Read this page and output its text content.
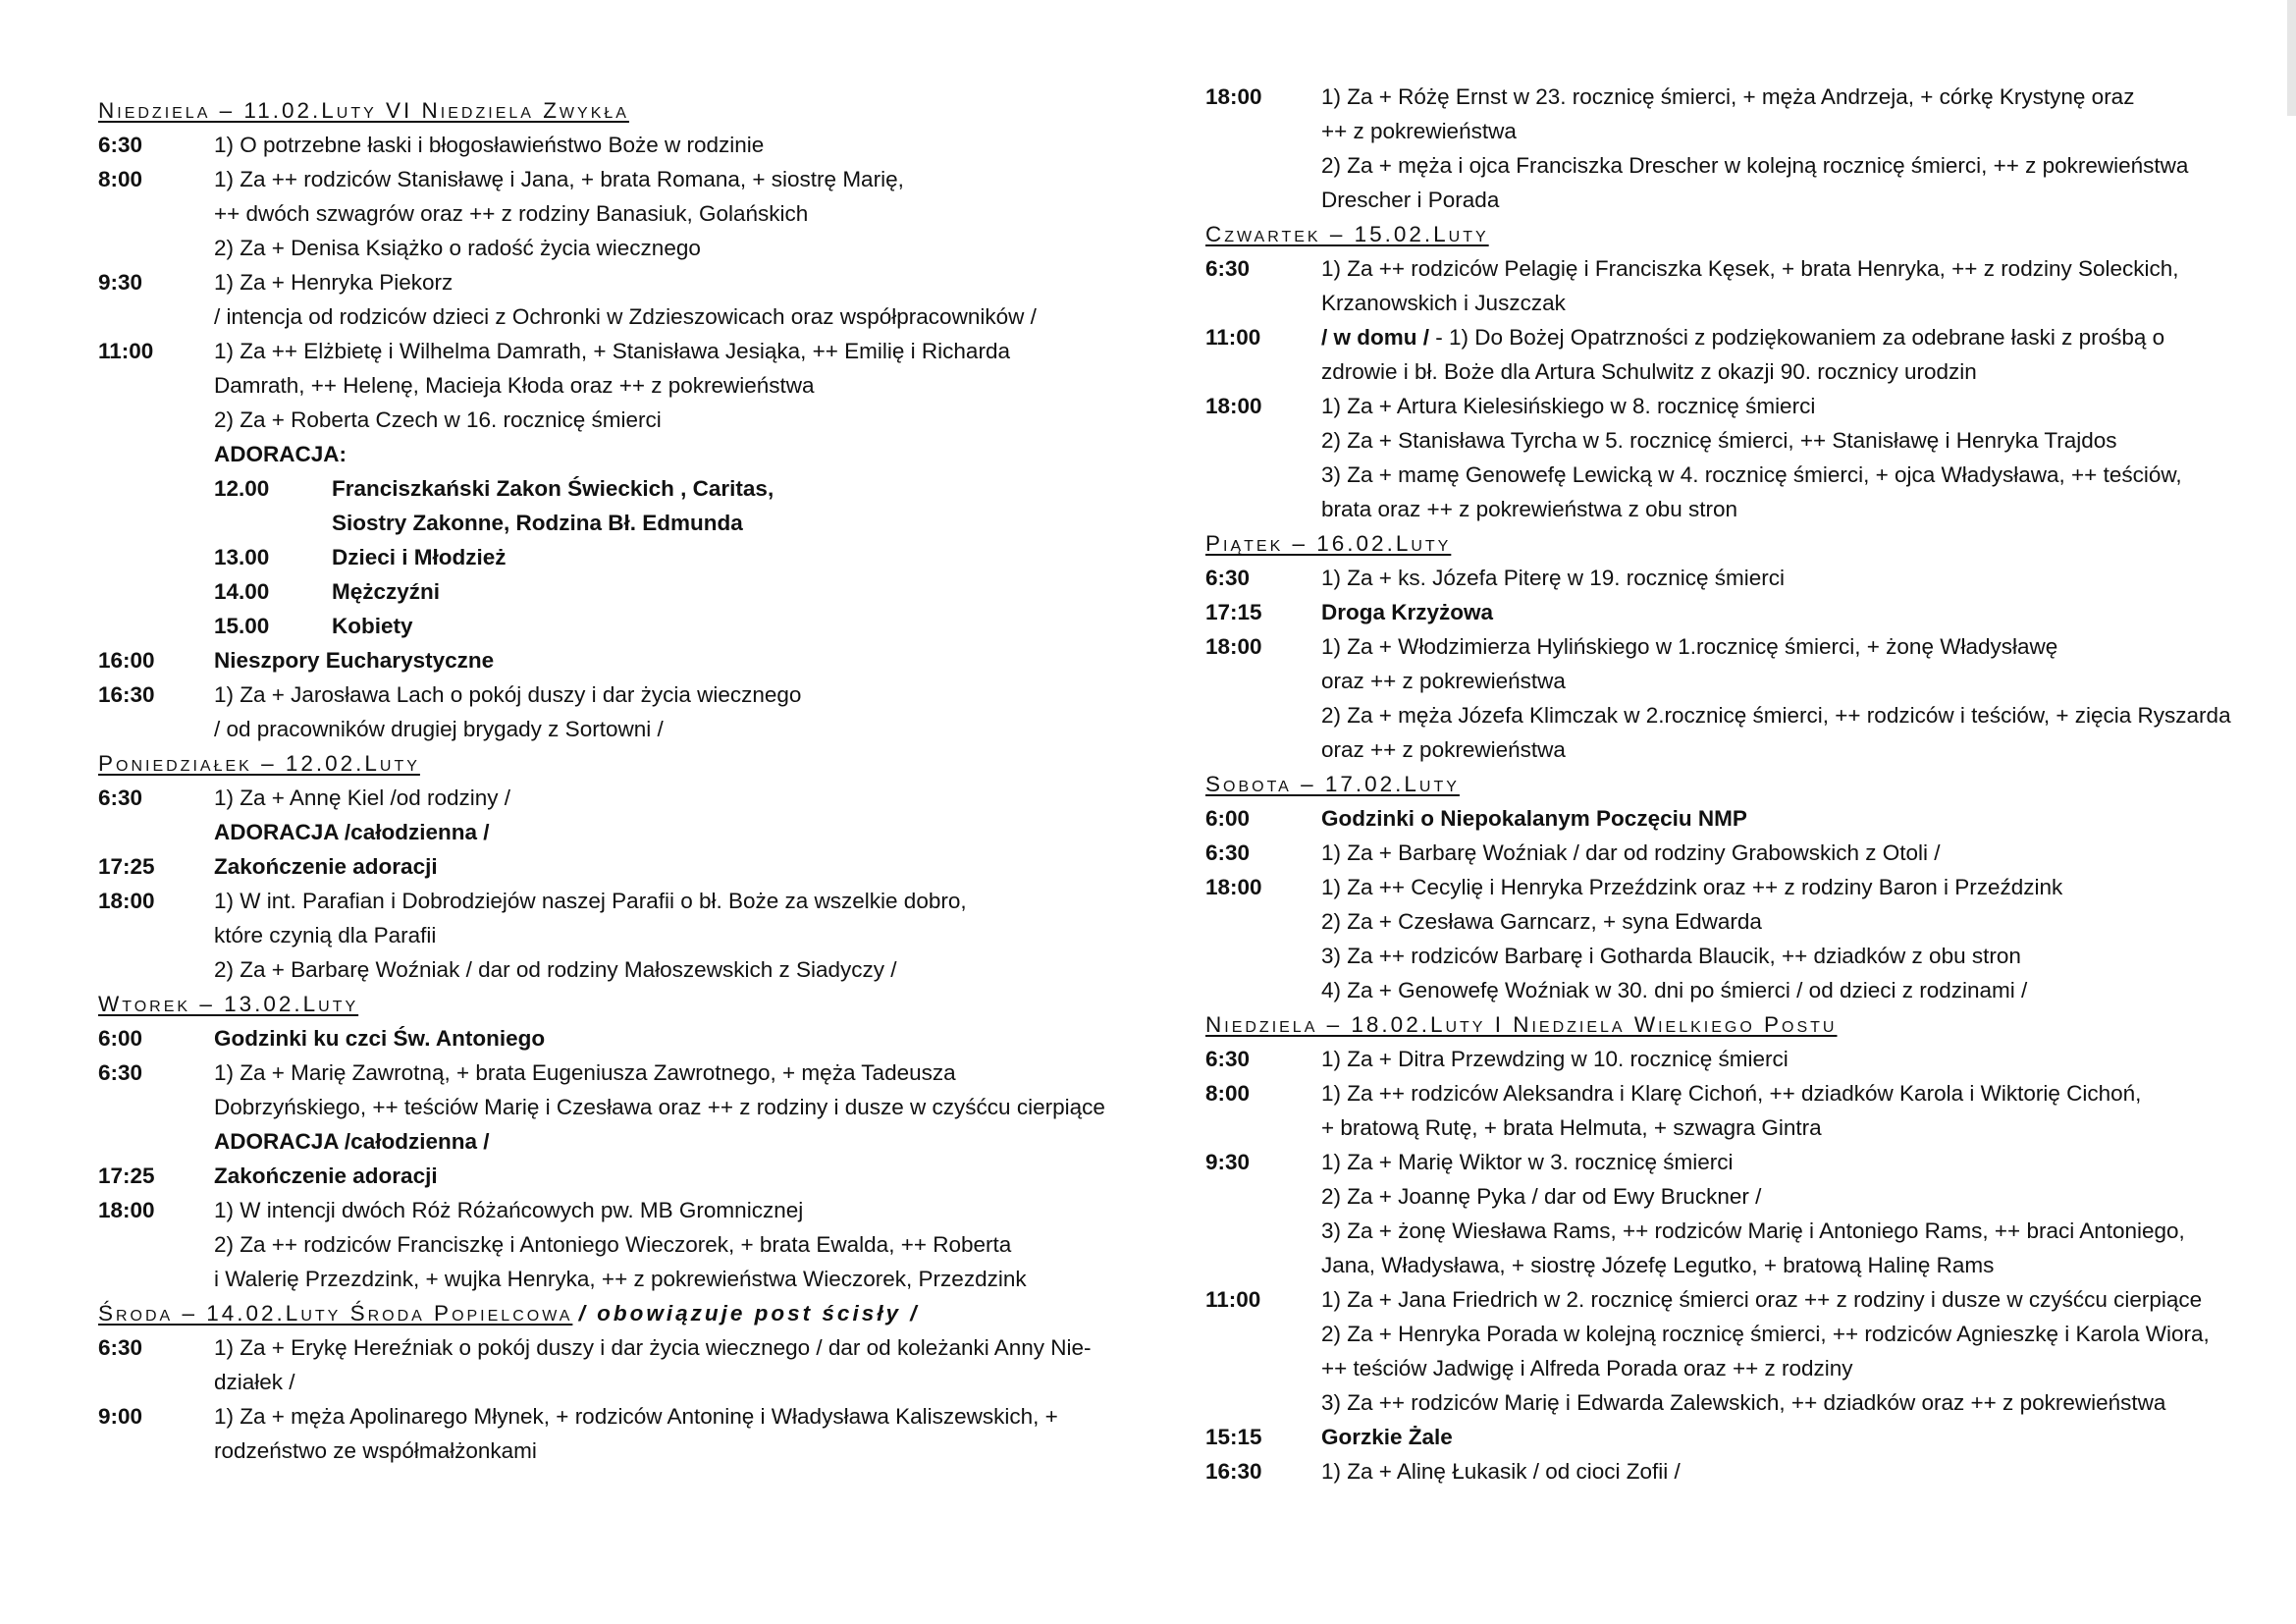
Niedziela – 11.02.Luty VI Niedziela Zwykła
6:30	1) O potrzebne łaski i błogosławieństwo Boże w rodzinie
8:00	1) Za ++ rodziców Stanisławę i Jana, + brata Romana, + siostrę Marię,
++ dwóch szwagrów oraz ++ z rodziny Banasiuk, Golańskich
2) Za + Denisa Książko o radość życia wiecznego
9:30	1) Za + Henryka Piekorz
/ intencja od rodziców dzieci z Ochronki w Zdzieszowicach oraz współpracowników /
11:00	1) Za ++ Elżbietę i Wilhelma Damrath, + Stanisława Jesiąka, ++ Emilię i Richarda
Damrath, ++ Helenę, Macieja Kłoda oraz ++ z pokrewieństwa
2) Za + Roberta Czech w 16. rocznicę śmierci
ADORACJA:
12.00	Franciszkański Zakon Świeckich , Caritas,
Siostry Zakonne, Rodzina Bł. Edmunda
13.00	Dzieci i Młodzież
14.00	Mężczyźni
15.00	Kobiety
16:00	Nieszpory Eucharystyczne
16:30	1) Za + Jarosława Lach o pokój duszy i dar życia wiecznego
/ od pracowników drugiej brygady z Sortowni /
Poniedziałek – 12.02.Luty
6:30	1) Za + Annę Kiel /od rodziny /
ADORACJA /całodzienna /
17:25	Zakończenie adoracji
18:00	1) W int. Parafian i Dobrodziejów naszej Parafii o bł. Boże za wszelkie dobro,
które czynią dla Parafii
2) Za + Barbarę Woźniak / dar od rodziny Małoszewskich z Siadyczy /
Wtorek – 13.02.Luty
6:00	Godzinki ku czci Św. Antoniego
6:30	1) Za + Marię Zawrotną, + brata Eugeniusza Zawrotnego, + męża Tadeusza
Dobrzyńskiego, ++ teściów Marię i Czesława oraz ++ z rodziny i dusze w czyśćcu cierpiące
ADORACJA /całodzienna /
17:25	Zakończenie adoracji
18:00	1) W intencji dwóch Róż Różańcowych pw. MB Gromnicznej
2) Za ++ rodziców Franciszkę i Antoniego Wieczorek, + brata Ewalda, ++ Roberta
i Walerię Przezdzink, + wujka Henryka, ++ z pokrewieństwa Wieczorek, Przezdzink
Środa – 14.02.Luty Środa Popielcowa / obowiązuje post ścisły /
6:30	1) Za + Erykę Hereźniak o pokój duszy i dar życia wiecznego / dar od koleżanki Anny Nie-
działek /
9:00	1) Za + męża Apolinarego Młynek, + rodziców Antoninę i Władysława Kaliszewskich, +
rodzeństwo ze współmałżonkami
18:00	1) Za + Różę Ernst w 23. rocznicę śmierci, + męża Andrzeja, + córkę Krystynę oraz
++ z pokrewieństwa
2) Za + męża i ojca Franciszka Drescher w kolejną rocznicę śmierci, ++ z pokrewieństwa
Drescher i Porada
Czwartek – 15.02.Luty
6:30	1) Za ++ rodziców Pelagię i Franciszka Kęsek, + brata Henryka, ++ z rodziny Soleckich,
Krzanowskich i Juszczak
11:00	/ w domu / - 1) Do Bożej Opatrzności z podziękowaniem za odebrane łaski z prośbą o
zdrowie i bł. Boże dla Artura Schulwitz z okazji 90. rocznicy urodzin
18:00	1) Za + Artura Kielesińskiego w 8. rocznicę śmierci
2) Za + Stanisława Tyrcha w 5. rocznicę śmierci, ++ Stanisławę i Henryka Trajdos
3) Za + mamę Genowefę Lewicką w 4. rocznicę śmierci, + ojca Władysława, ++ teściów,
brata oraz ++ z pokrewieństwa z obu stron
Piątek – 16.02.Luty
6:30	1) Za + ks. Józefa Piterę w 19. rocznicę śmierci
17:15	Droga Krzyżowa
18:00	1) Za + Włodzimierza Hylińskiego w 1.rocznicę śmierci, + żonę Władysławę
oraz ++ z pokrewieństwa
2) Za + męża Józefa Klimczak w 2.rocznicę śmierci, ++ rodziców i teściów, + zięcia Ryszarda
oraz ++ z pokrewieństwa
Sobota – 17.02.Luty
6:00	Godzinki o Niepokalanym Poczęciu NMP
6:30	1) Za + Barbarę Woźniak / dar od rodziny Grabowskich z Otoli /
18:00	1) Za ++ Cecylię i Henryka Przeździnk oraz ++ z rodziny Baron i Przeździnk
2) Za + Czesława Garncarz, + syna Edwarda
3) Za ++ rodziców Barbarę i Gotharda Blaucik, ++ dziadków z obu stron
4) Za + Genowefę Woźniak w 30. dni po śmierci / od dzieci z rodzinami /
Niedziela – 18.02.Luty I Niedziela Wielkiego Postu
6:30	1) Za + Ditra Przewdzing w 10. rocznicę śmierci
8:00	1) Za ++ rodziców Aleksandra i Klarę Cichoń, ++ dziadków Karola i Wiktorię Cichoń,
+ bratową Rutę, + brata Helmuta, + szwagra Gintra
9:30	1) Za + Marię Wiktor w 3. rocznicę śmierci
2) Za + Joannę Pyka / dar od Ewy Bruckner /
3) Za + żonę Wiesława Rams, ++ rodziców Marię i Antoniego Rams, ++ braci Antoniego,
Jana, Władysława, + siostrę Józefę Legutko, + bratową Halinę Rams
11:00	1) Za + Jana Friedrich w 2. rocznicę śmierci oraz ++ z rodziny i dusze w czyśćcu cierpiące
2) Za + Henryka Porada w kolejną rocznicę śmierci, ++ rodziców Agnieszkę i Karola Wiora,
++ teściów Jadwigę i Alfreda Porada oraz ++ z rodziny
3) Za ++ rodziców Marię i Edwarda Zalewskich, ++ dziadków oraz ++ z pokrewieństwa
15:15	Gorzkie Żale
16:30	1) Za + Alinę Łukasik / od cioci Zofii /
